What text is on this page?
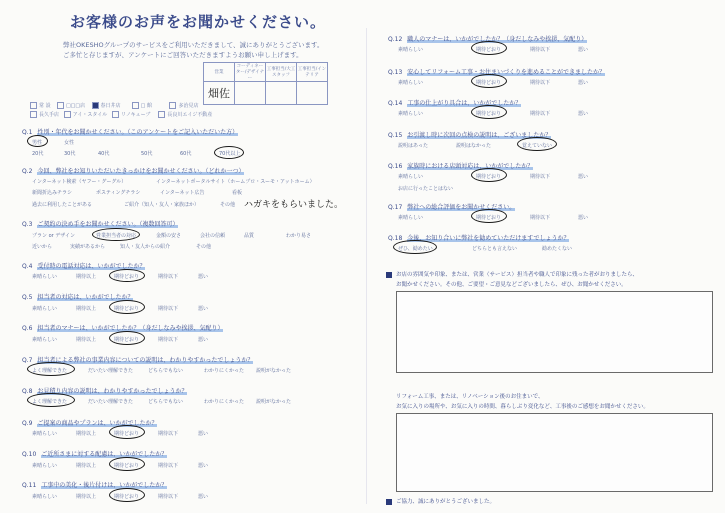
お客様のお声をお聞かせください。
弊社OKESHOグループのサービスをご利用いただきまして、誠にありがとうございます。
ご多忙と存じますが、アンケートにご回答いただきますようお願い申し上げます。
営業	コーディネーター/デザイナー	工事担当/大工スタッフ	工事担当/インテリア
畑佐			
常 設	□□□店	春日井店	□ 館	多治見店
長久手店	アイ・スタイル	リノキューブ	長良川エイジ不動産
Q.1 性別・年代をお聞かせください。（このアンケートをご記入いただいた方）
男性	女性
20代	30代	40代	50代	60代	70代以上
Q.2 今回、弊社をお知りいただいたきっかけをお聞かせください。（どれか一つ）
インターネット検索（ヤフー・グーグル）	インターネットポータルサイト（ホームプロ・スーモ・アットホーム）
新聞折込みチラシ	ポスティングチラシ	インターネット広告	看板
過去に利用したことがある	ご紹介（知人・友人・家族ほか）	その他 ハガキをもらいました。
Q.3 ご契約の決め手をお聞かせください。（複数回答可）
プラン or デザイン	営業担当者の対応	金額の安さ	会社の信頼	品質	わかり易さ
近いから	実績があるから	知人・友人からの紹介	その他
Q.4 受付時の電話対応は、いかがでしたか？
素晴らしい	期待以上	期待どおり	期待以下	悪い
Q.5 担当者の対応は、いかがでしたか？
素晴らしい	期待以上	期待どおり	期待以下	悪い
Q.6 担当者のマナーは、いかがでしたか？（身だしなみや挨拶、気配り）
素晴らしい	期待以上	期待どおり	期待以下	悪い
Q.7 担当者による弊社の事業内容についての説明は、わかりやすかったでしょうか？
よく理解できた	だいたい理解できた	どちらでもない	わかりにくかった 説明がなかった
Q.8 お見積り内容の説明は、わかりやすかったでしょうか？
よく理解できた	だいたい理解できた	どちらでもない	わかりにくかった 説明がなかった
Q.9 ご提案の商品やプランは、いかがでしたか？
素晴らしい	期待以上	期待どおり	期待以下	悪い
Q.10 ご近所さまに対する配慮は、いかがでしたか？
素晴らしい	期待以上	期待どおり	期待以下	悪い
Q.11 工事中の美化・後片付けは、いかがでしたか？
素晴らしい	期待以上	期待どおり	期待以下	悪い
Q.12 職人のマナーは、いかがでしたか？（身だしなみや挨拶、気配り）
素晴らしい	期待どおり	期待以下	悪い
Q.13 安心してリフォーム工事・お住まいづくりを進めることができましたか？
素晴らしい	期待どおり	期待以下	悪い
Q.14 工事の仕上がり具合は、いかがでしたか？
素晴らしい	期待どおり	期待以下	悪い
Q.15 お引渡し時に次回の点検の説明は、ございましたか？
説明はあった	説明はなかった	覚えていない
Q.16 家族時における店頭対応は、いかがでしたか？
素晴らしい	期待どおり	期待以下	悪い
お店に行ったことはない
Q.17 弊社への総合評価をお聞かせください。
素晴らしい	期待どおり	期待以下	悪い
Q.18 今後、お知り合いに弊社を勧めていただけますでしょうか？
ぜひ、勧めたい	どちらとも言えない	勧めたくない
お店の雰囲気や印象、または、営業（サービス）担当者や職人で印象に残った者がおりましたら、
お聞かせください。その他、ご要望・ご意見などございましたら、ぜひ、お聞かせください。
リフォーム工事、または、リノベーション後のお住まいで、
お気に入りの場所や、お気に入りの時間、暮らしぶり変化など、工事後のご感想をお聞かせください。
ご協力、誠にありがとうございました。
